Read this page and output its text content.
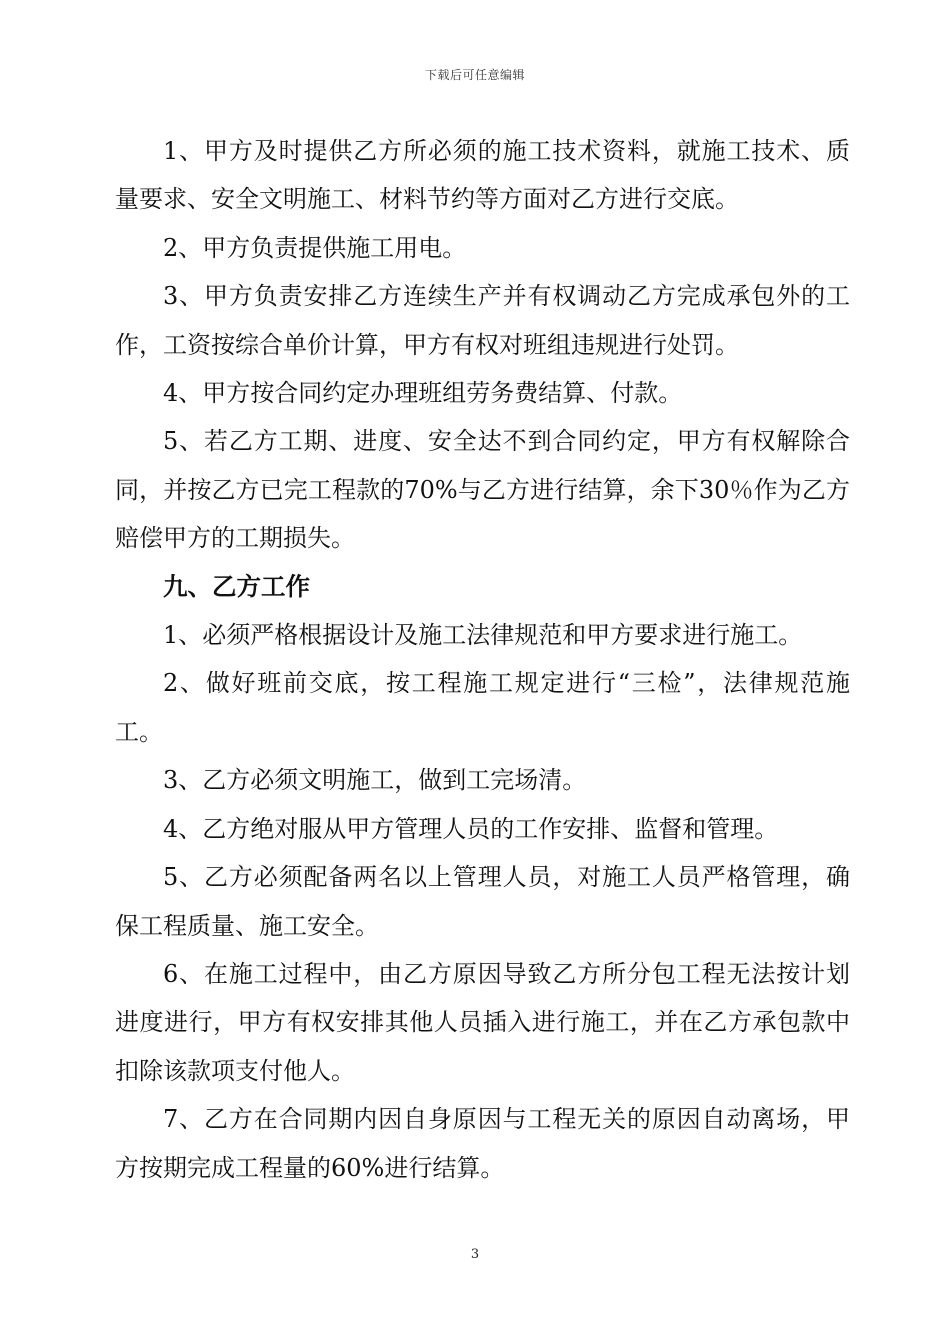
下载后可任意编辑

1、甲方及时提供乙方所必须的施工技术资料，就施工技术、质量要求、安全文明施工、材料节约等方面对乙方进行交底。

2、甲方负责提供施工用电。

3、甲方负责安排乙方连续生产并有权调动乙方完成承包外的工作，工资按综合单价计算，甲方有权对班组违规进行处罚。

4、甲方按合同约定办理班组劳务费结算、付款。

5、若乙方工期、进度、安全达不到合同约定，甲方有权解除合同，并按乙方已完工程款的70%与乙方进行结算，余下30％作为乙方赔偿甲方的工期损失。

九、乙方工作

1、必须严格根据设计及施工法律规范和甲方要求进行施工。

2、做好班前交底，按工程施工规定进行“三检”，法律规范施工。

3、乙方必须文明施工，做到工完场清。

4、乙方绝对服从甲方管理人员的工作安排、监督和管理。

5、乙方必须配备两名以上管理人员，对施工人员严格管理，确保工程质量、施工安全。

6、在施工过程中，由乙方原因导致乙方所分包工程无法按计划进度进行，甲方有权安排其他人员插入进行施工，并在乙方承包款中扣除该款项支付他人。

7、乙方在合同期内因自身原因与工程无关的原因自动离场，甲方按期完成工程量的60%进行结算。

3
